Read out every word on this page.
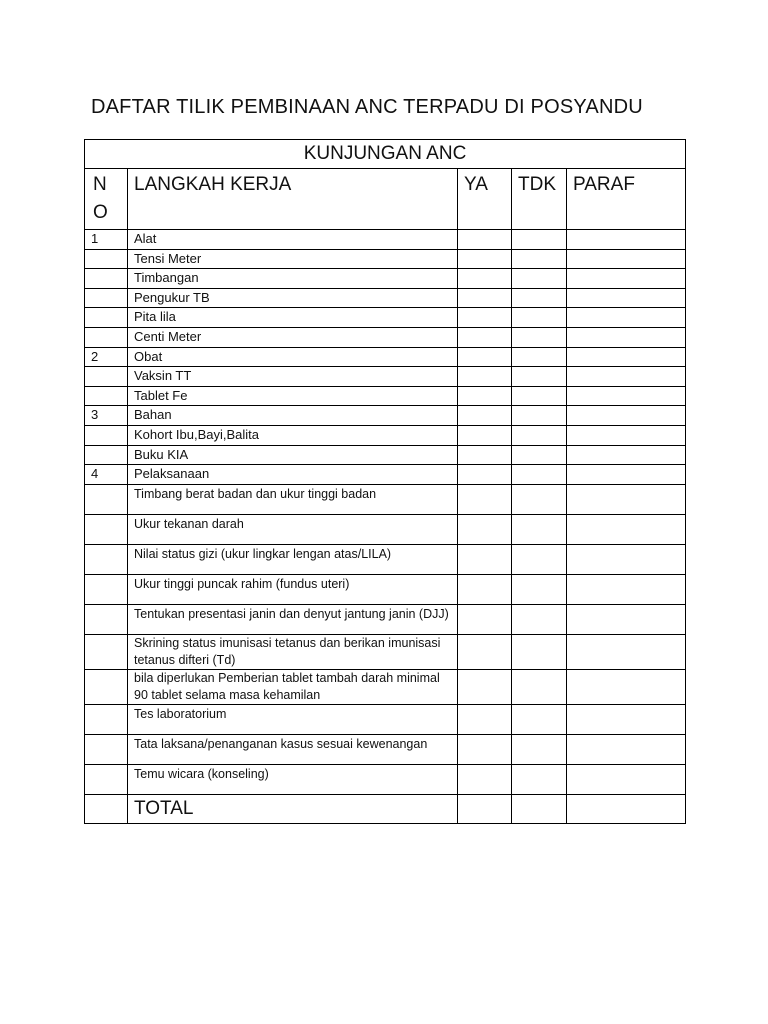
DAFTAR TILIK PEMBINAAN ANC TERPADU DI POSYANDU
KUNJUNGAN ANC				
NO	LANGKAH KERJA	YA	TDK	PARAF
1	Alat			
	Tensi Meter			
	Timbangan			
	Pengukur TB			
	Pita lila			
	Centi Meter			
2	Obat			
	Vaksin TT			
	Tablet Fe			
3	Bahan			
	Kohort Ibu,Bayi,Balita			
	Buku KIA			
4	Pelaksanaan			
	Timbang berat badan dan ukur tinggi badan			
	Ukur tekanan darah			
	Nilai status gizi (ukur lingkar lengan atas/LILA)			
	Ukur tinggi puncak rahim (fundus uteri)			
	Tentukan presentasi janin dan denyut jantung janin (DJJ)			
	Skrining status imunisasi tetanus dan berikan imunisasi tetanus difteri (Td)			
	bila diperlukan Pemberian tablet tambah darah minimal 90 tablet selama masa kehamilan			
	Tes laboratorium			
	Tata laksana/penanganan kasus sesuai kewenangan			
	Temu wicara (konseling)			
	TOTAL			
